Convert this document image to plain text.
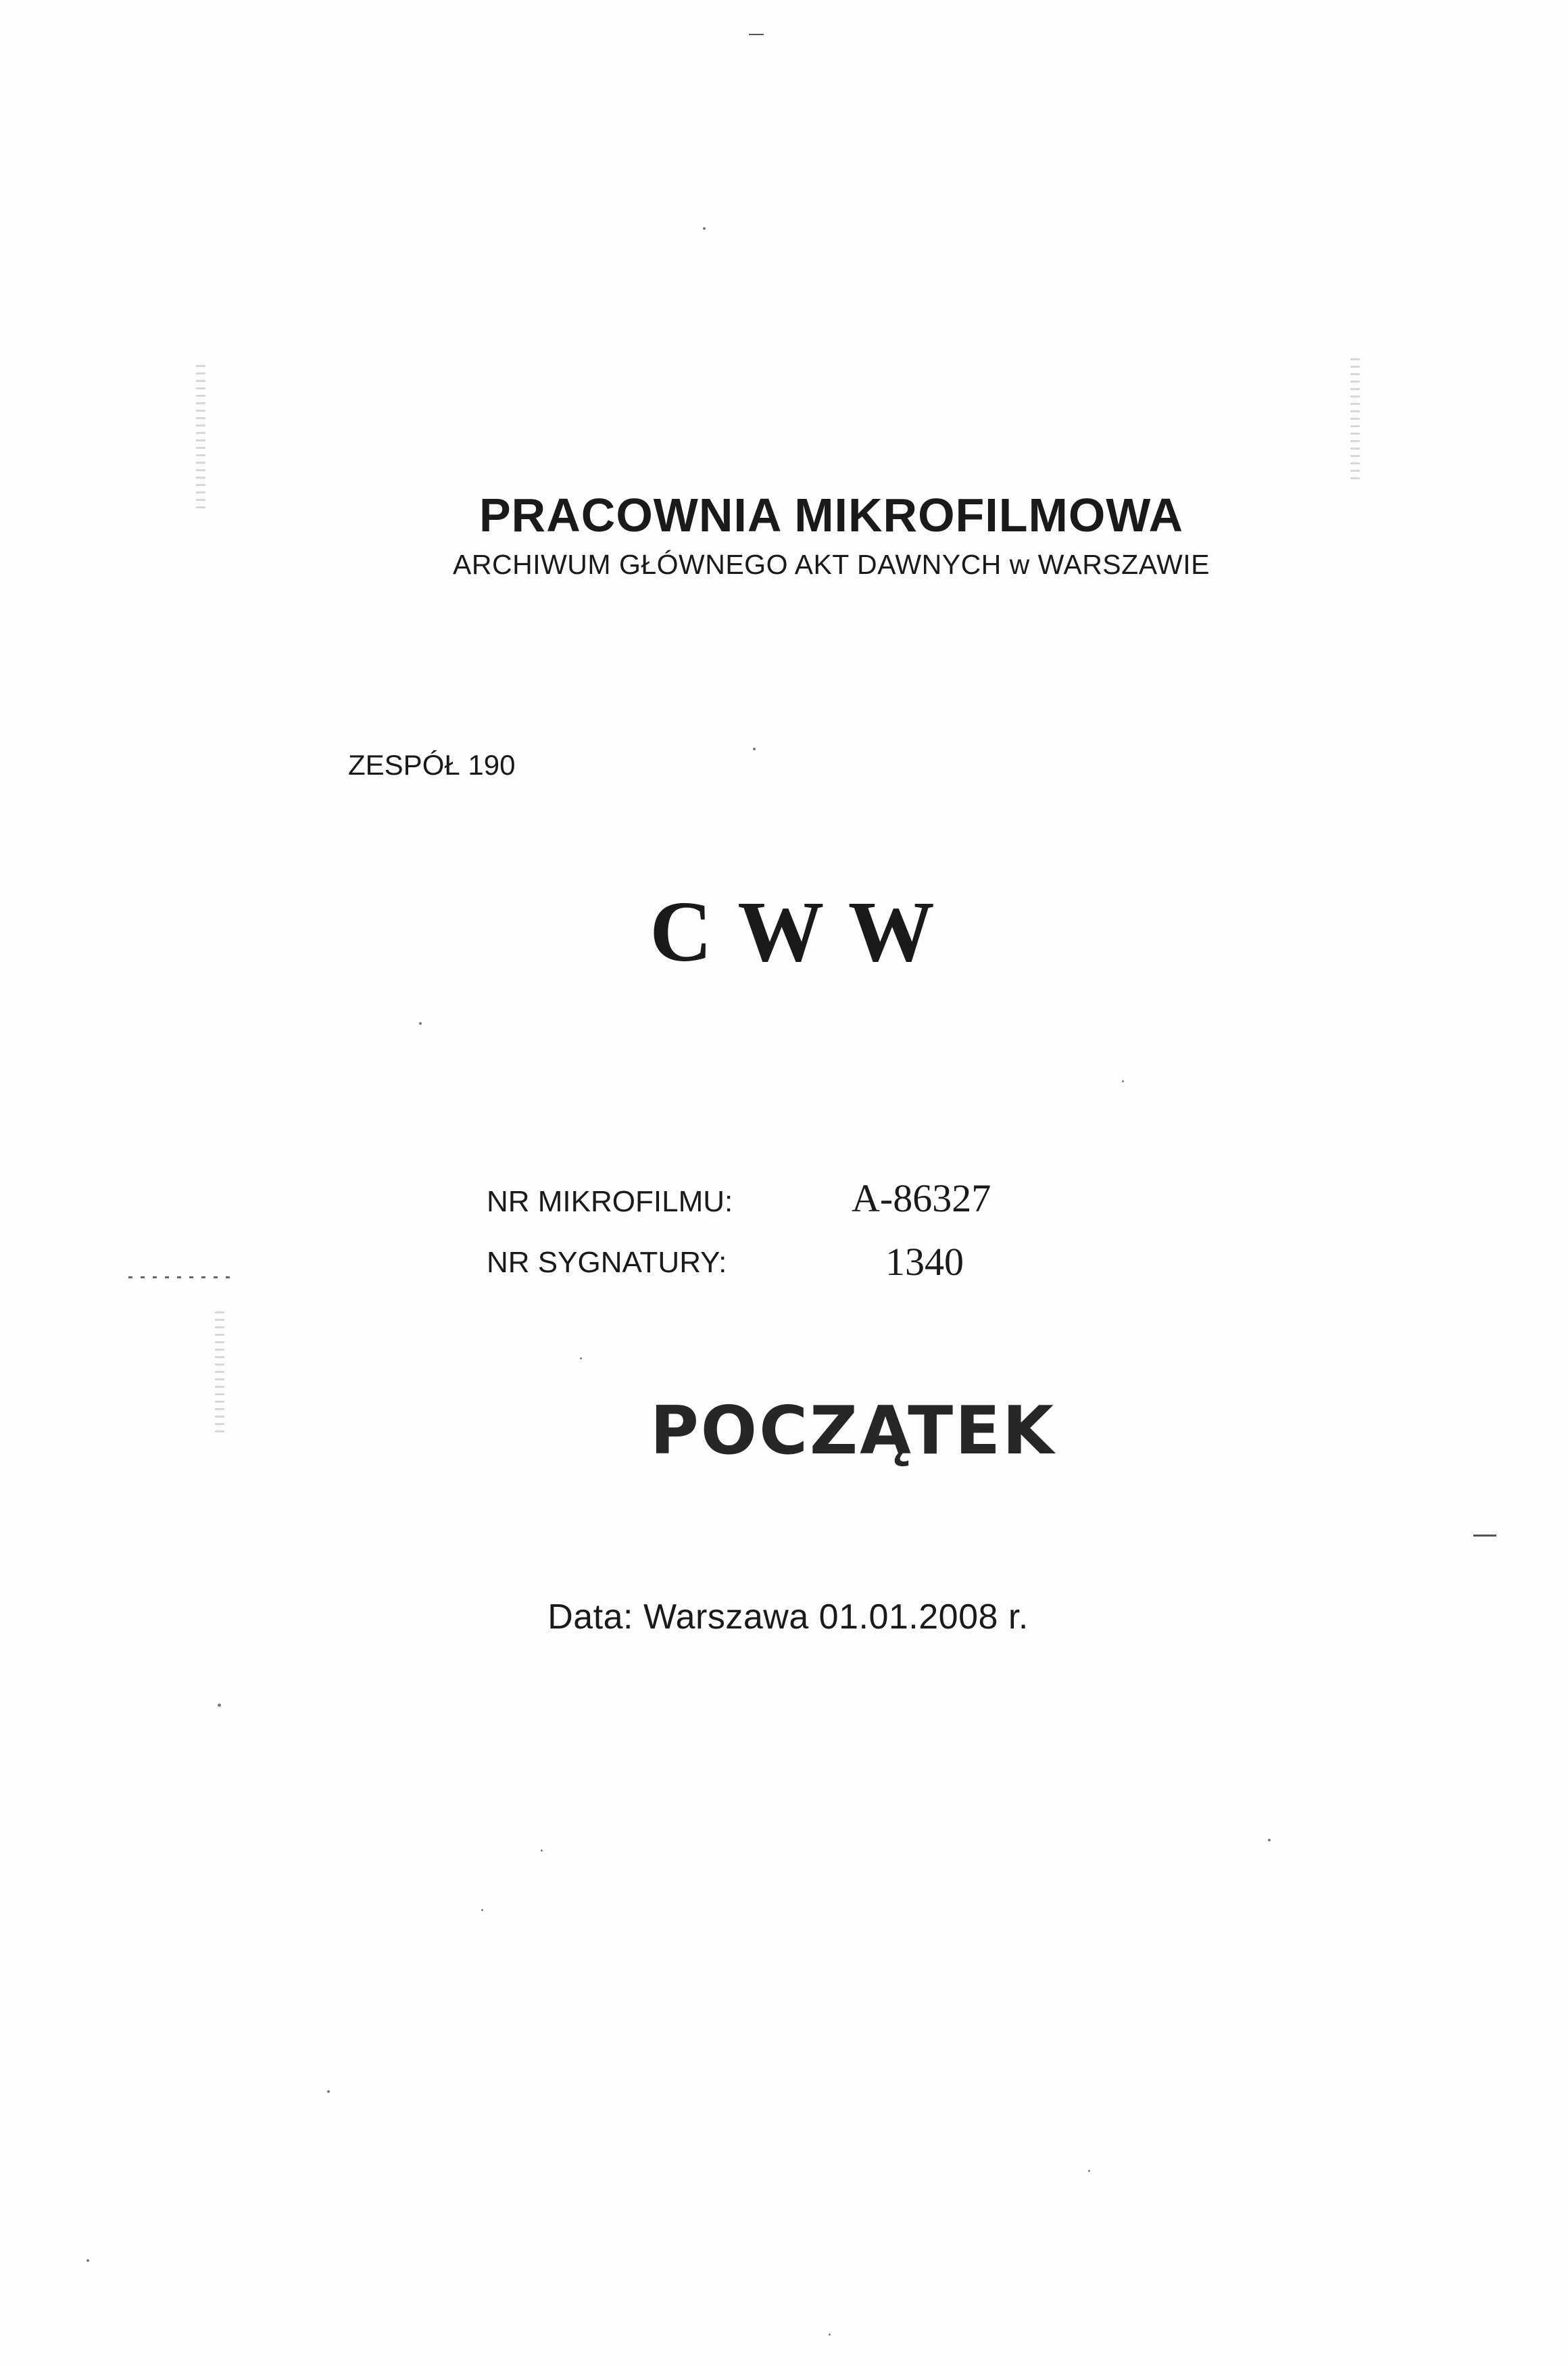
PRACOWNIA MIKROFILMOWA
ARCHIWUM GŁÓWNEGO AKT DAWNYCH w WARSZAWIE
ZESPÓŁ 190
C W W
NR MIKROFILMU:	A-86327
NR SYGNATURY:	1340
POCZĄTEK
Data: Warszawa 01.01.2008 r.
